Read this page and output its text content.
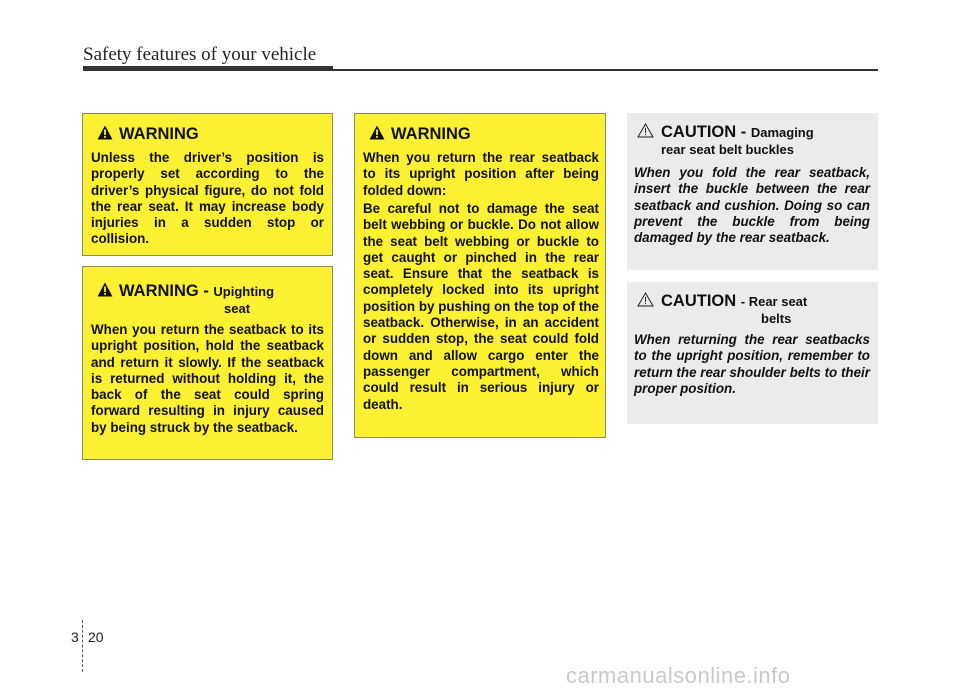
Safety features of your vehicle
WARNING
Unless the driver’s position is properly set according to the driver’s physical figure, do not fold the rear seat. It may increase body injuries in a sudden stop or collision.
WARNING - Upighting
seat
When you return the seatback to its upright position, hold the seatback and return it slowly. If the seatback is returned without holding it, the back of the seat could spring forward resulting in injury caused by being struck by the seatback.
WARNING
When you return the rear seatback to its upright position after being folded down:
Be careful not to damage the seat belt webbing or buckle. Do not allow the seat belt webbing or buckle to get caught or pinched in the rear seat. Ensure that the seatback is completely locked into its upright position by pushing on the top of the seatback. Otherwise, in an accident or sudden stop, the seat could fold down and allow cargo enter the passenger compartment, which could result in serious injury or death.
CAUTION - Damaging
rear seat belt buckles
When you fold the rear seatback, insert the buckle between the rear seatback and cushion. Doing so can prevent the buckle from being damaged by the rear seatback.
CAUTION - Rear seat
belts
When returning the rear seatbacks to the upright position, remember to return the rear shoulder belts to their proper position.
3 20
carmanualsonline.info
